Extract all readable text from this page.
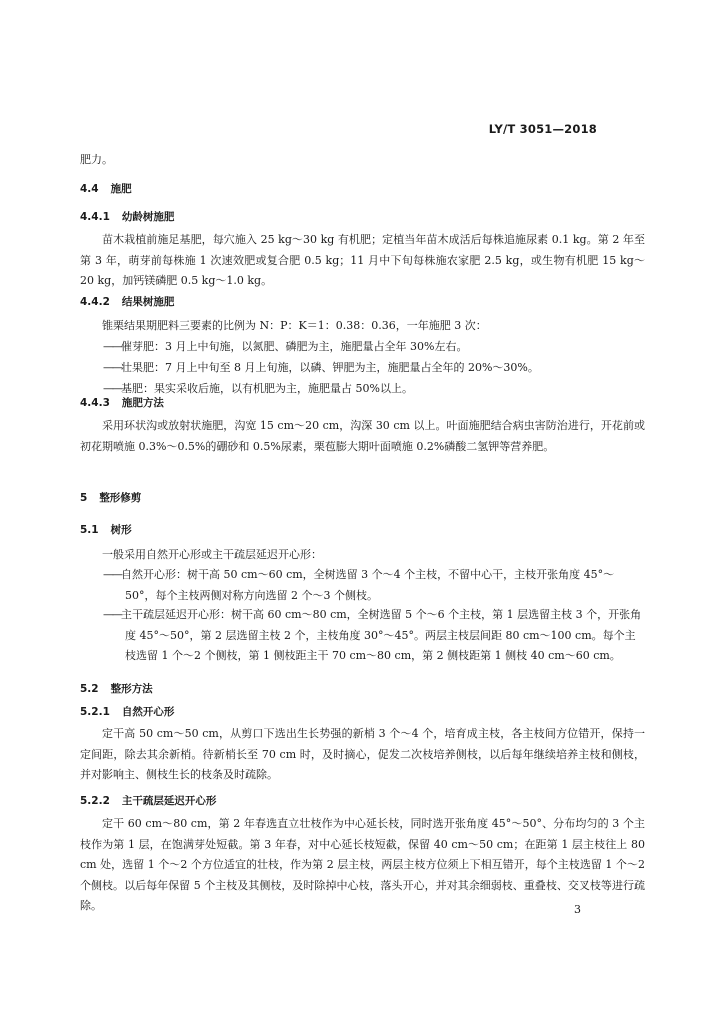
LY/T 3051—2018
肥力。
4.4 施肥
4.4.1 幼龄树施肥
苗木栽植前施足基肥，每穴施入 25 kg～30 kg 有机肥；定植当年苗木成活后每株追施尿素 0.1 kg。第 2 年至第 3 年，萌芽前每株施 1 次速效肥或复合肥 0.5 kg；11 月中下旬每株施农家肥 2.5 kg，或生物有机肥 15 kg～20 kg，加钙镁磷肥 0.5 kg～1.0 kg。
4.4.2 结果树施肥
锥栗结果期肥料三要素的比例为 N：P：K＝1：0.38：0.36，一年施肥 3 次：
——催芽肥：3 月上中旬施，以氮肥、磷肥为主，施肥量占全年 30%左右。
——壮果肥：7 月上中旬至 8 月上旬施，以磷、钾肥为主，施肥量占全年的 20%～30%。
——基肥：果实采收后施，以有机肥为主，施肥量占 50%以上。
4.4.3 施肥方法
采用环状沟或放射状施肥，沟宽 15 cm～20 cm，沟深 30 cm 以上。叶面施肥结合病虫害防治进行，开花前或初花期喷施 0.3%～0.5%的硼砂和 0.5%尿素，栗苞膨大期叶面喷施 0.2%磷酸二氢钾等营养肥。
5 整形修剪
5.1 树形
一般采用自然开心形或主干疏层延迟开心形：
——自然开心形：树干高 50 cm～60 cm，全树选留 3 个～4 个主枝，不留中心干，主枝开张角度 45°～50°，每个主枝两侧对称方向选留 2 个～3 个侧枝。
——主干疏层延迟开心形：树干高 60 cm～80 cm，全树选留 5 个～6 个主枝，第 1 层选留主枝 3 个，开张角度 45°～50°，第 2 层选留主枝 2 个，主枝角度 30°～45°。两层主枝层间距 80 cm～100 cm。每个主枝选留 1 个～2 个侧枝，第 1 侧枝距主干 70 cm～80 cm，第 2 侧枝距第 1 侧枝 40 cm～60 cm。
5.2 整形方法
5.2.1 自然开心形
定干高 50 cm～50 cm，从剪口下选出生长势强的新梢 3 个～4 个，培育成主枝，各主枝间方位错开，保持一定间距，除去其余新梢。待新梢长至 70 cm 时，及时摘心，促发二次枝培养侧枝，以后每年继续培养主枝和侧枝，并对影响主、侧枝生长的枝条及时疏除。
5.2.2 主干疏层延迟开心形
定干 60 cm～80 cm，第 2 年春选直立壮枝作为中心延长枝，同时选开张角度 45°～50°、分布均匀的 3 个主枝作为第 1 层，在饱满芽处短截。第 3 年春，对中心延长枝短截，保留 40 cm～50 cm；在距第 1 层主枝往上 80 cm 处，选留 1 个～2 个方位适宜的壮枝，作为第 2 层主枝，两层主枝方位须上下相互错开，每个主枝选留 1 个～2 个侧枝。以后每年保留 5 个主枝及其侧枝，及时除掉中心枝，落头开心，并对其余细弱枝、重叠枝、交叉枝等进行疏除。	3
